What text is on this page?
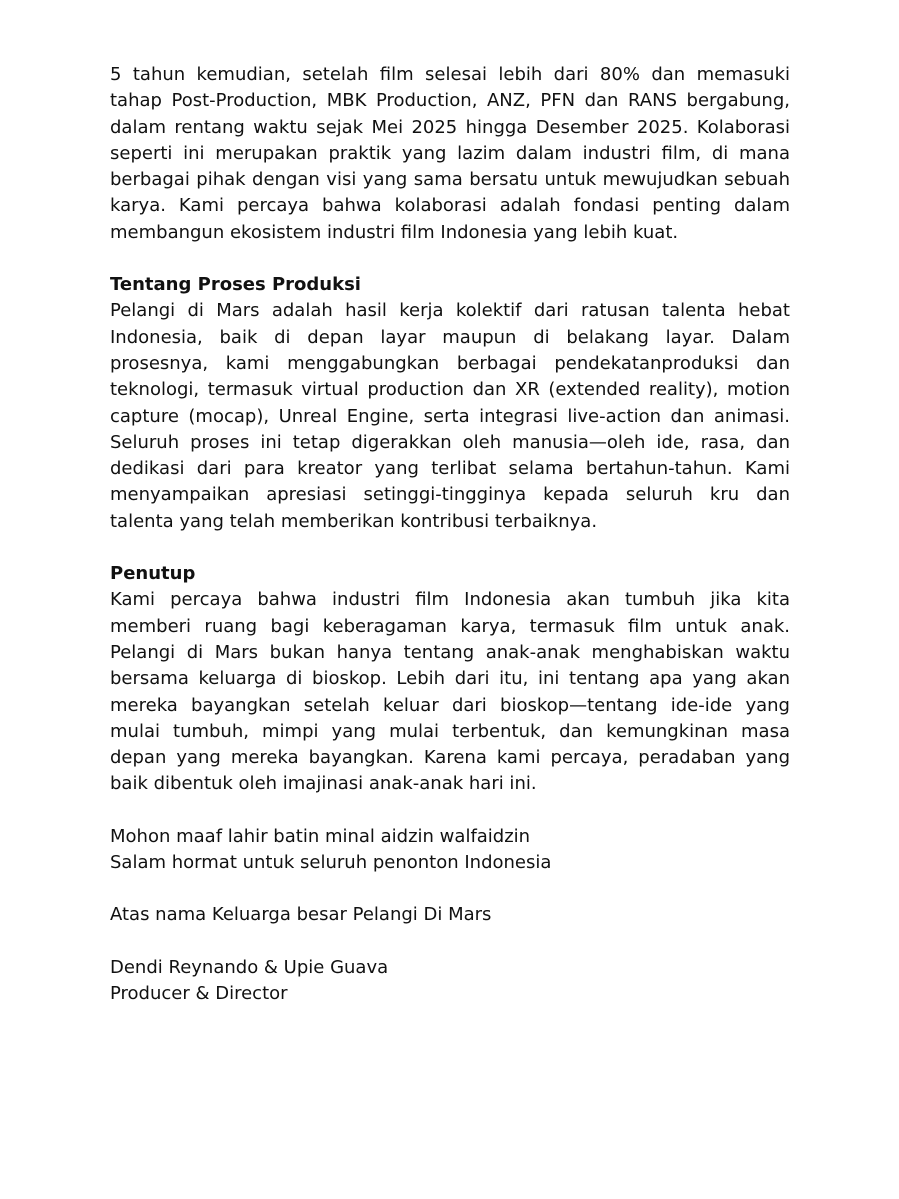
5 tahun kemudian, setelah film selesai lebih dari 80% dan memasuki tahap Post-Production, MBK Production, ANZ, PFN dan RANS bergabung, dalam rentang waktu sejak Mei 2025 hingga Desember 2025. Kolaborasi seperti ini merupakan praktik yang lazim dalam industri film, di mana berbagai pihak dengan visi yang sama bersatu untuk mewujudkan sebuah karya. Kami percaya bahwa kolaborasi adalah fondasi penting dalam membangun ekosistem industri film Indonesia yang lebih kuat.

Tentang Proses Produksi

Pelangi di Mars adalah hasil kerja kolektif dari ratusan talenta hebat Indonesia, baik di depan layar maupun di belakang layar. Dalam prosesnya, kami menggabungkan berbagai pendekatanproduksi dan teknologi, termasuk virtual production dan XR (extended reality), motion capture (mocap), Unreal Engine, serta integrasi live-action dan animasi. Seluruh proses ini tetap digerakkan oleh manusia—oleh ide, rasa, dan dedikasi dari para kreator yang terlibat selama bertahun-tahun. Kami menyampaikan apresiasi setinggi-tingginya kepada seluruh kru dan talenta yang telah memberikan kontribusi terbaiknya.

Penutup

Kami percaya bahwa industri film Indonesia akan tumbuh jika kita memberi ruang bagi keberagaman karya, termasuk film untuk anak. Pelangi di Mars bukan hanya tentang anak-anak menghabiskan waktu bersama keluarga di bioskop. Lebih dari itu, ini tentang apa yang akan mereka bayangkan setelah keluar dari bioskop—tentang ide-ide yang mulai tumbuh, mimpi yang mulai terbentuk, dan kemungkinan masa depan yang mereka bayangkan. Karena kami percaya, peradaban yang baik dibentuk oleh imajinasi anak-anak hari ini.

Mohon maaf lahir batin minal aidzin walfaidzin

Salam hormat untuk seluruh penonton Indonesia

Atas nama Keluarga besar Pelangi Di Mars

Dendi Reynando & Upie Guava

Producer & Director
